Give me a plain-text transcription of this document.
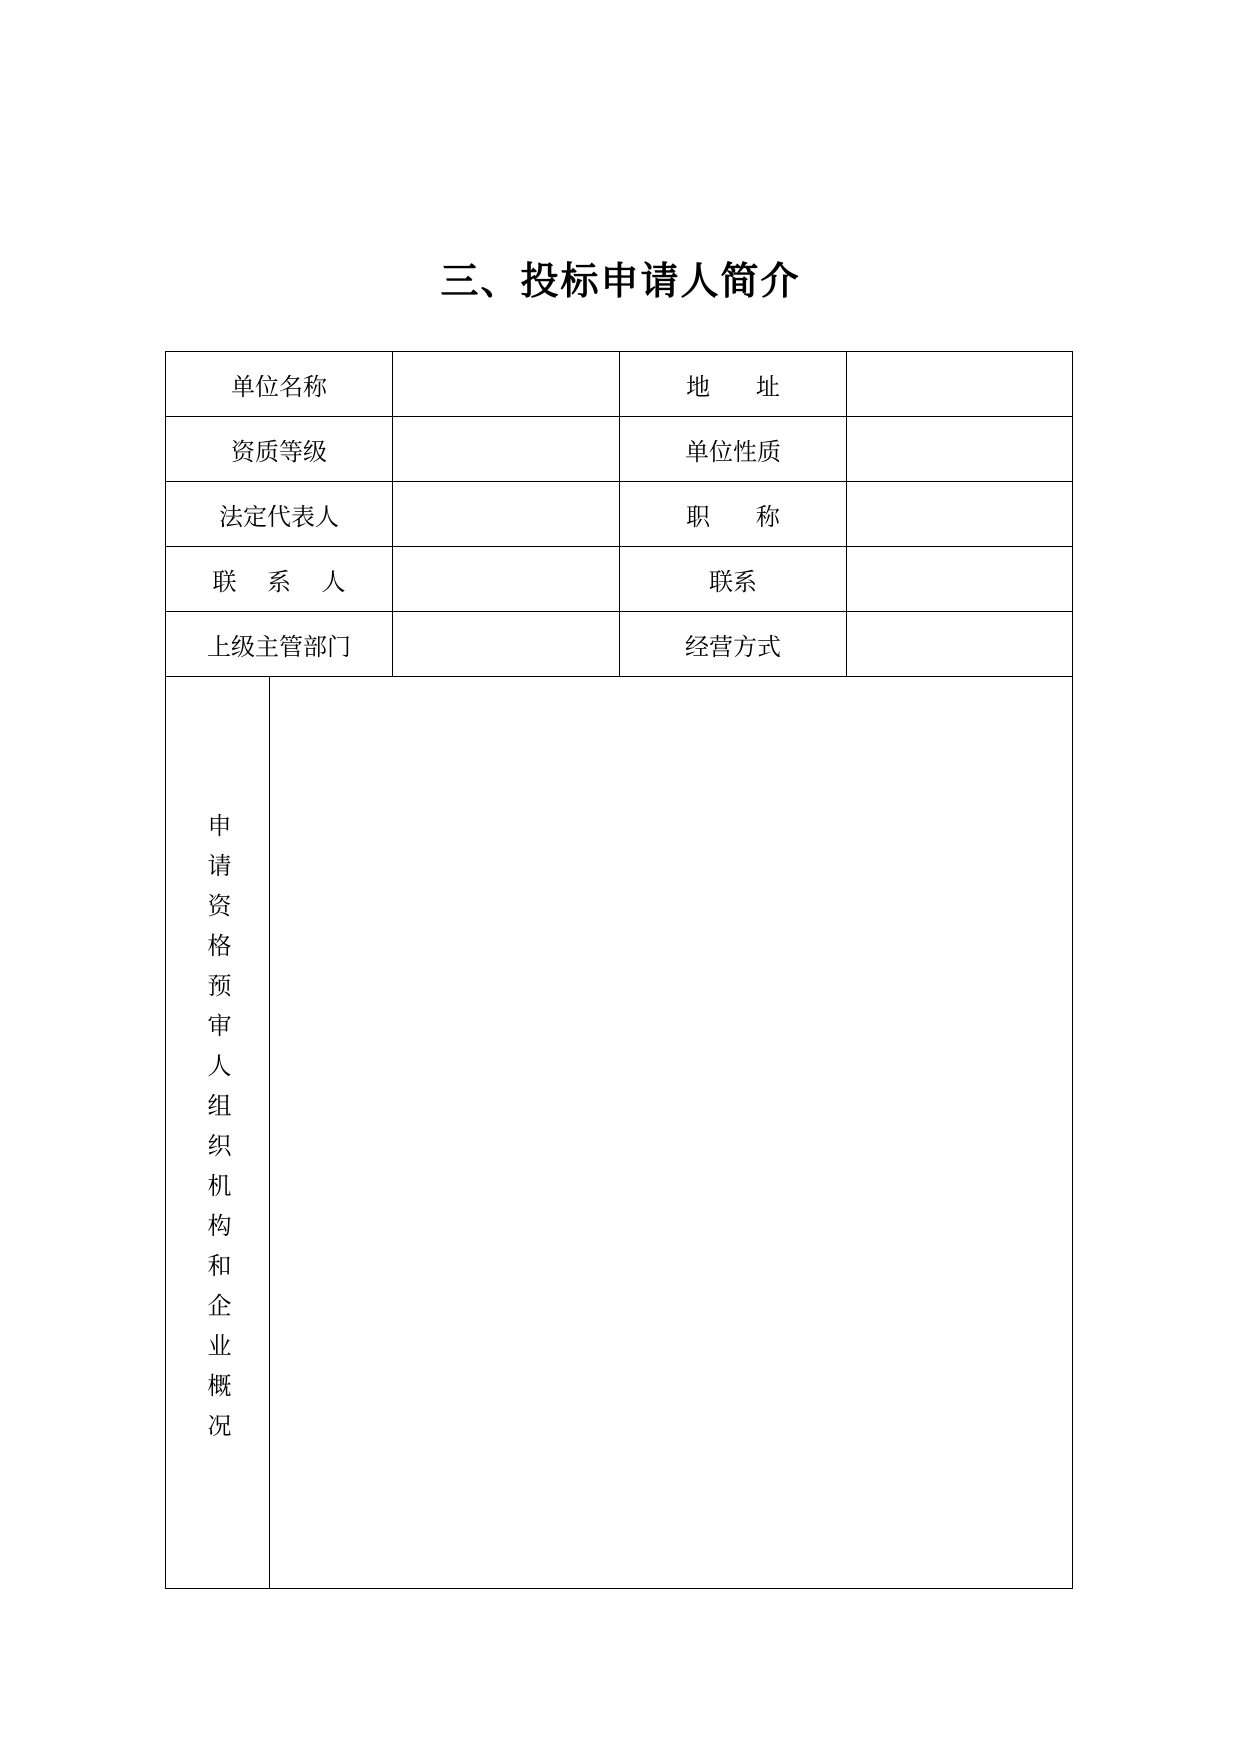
三、投标申请人简介
单位名称	地      址
资质等级	单位性质
法定代表人	职      称
联    系    人	联系
上级主管部门	经营方式
申请资格预审人组织机构和企业概况
